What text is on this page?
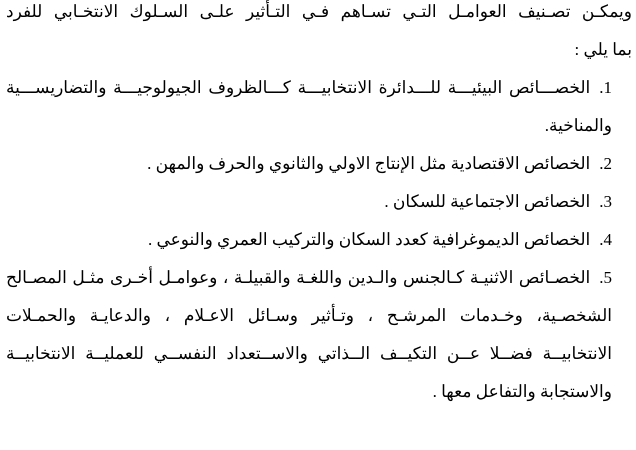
ويمكـن تصـنيف العوامـل التـي تسـاهم فـي التـأثير علـى السـلوك الانتخـابي للفرد

بما يلي :

1.الخصـــائص البيئيـــة للـــدائرة الانتخابيـــة كـــالظروف الجيولوجيـــة والتضاريســـية

والمناخية.

2.الخصائص الاقتصادية مثل الإنتاج الاولي والثانوي والحرف والمهن .

3.الخصائص الاجتماعية للسكان .

4.الخصائص الديموغرافية كعدد السكان والتركيب العمري والنوعي .

5.الخصـائص الاثنيـة كـالجنس والـدين واللغـة والقبيلـة ، وعوامـل أخـرى مثـل المصـالح

الشخصـية، وخـدمات المرشـح ، وتـأثير وسـائل الاعـلام ، والدعايـة والحمـلات

الانتخابيــة فضــلا عــن التكيــف الــذاتي والاســتعداد النفســي للعمليــة الانتخابيــة

والاستجابة والتفاعل معها .
